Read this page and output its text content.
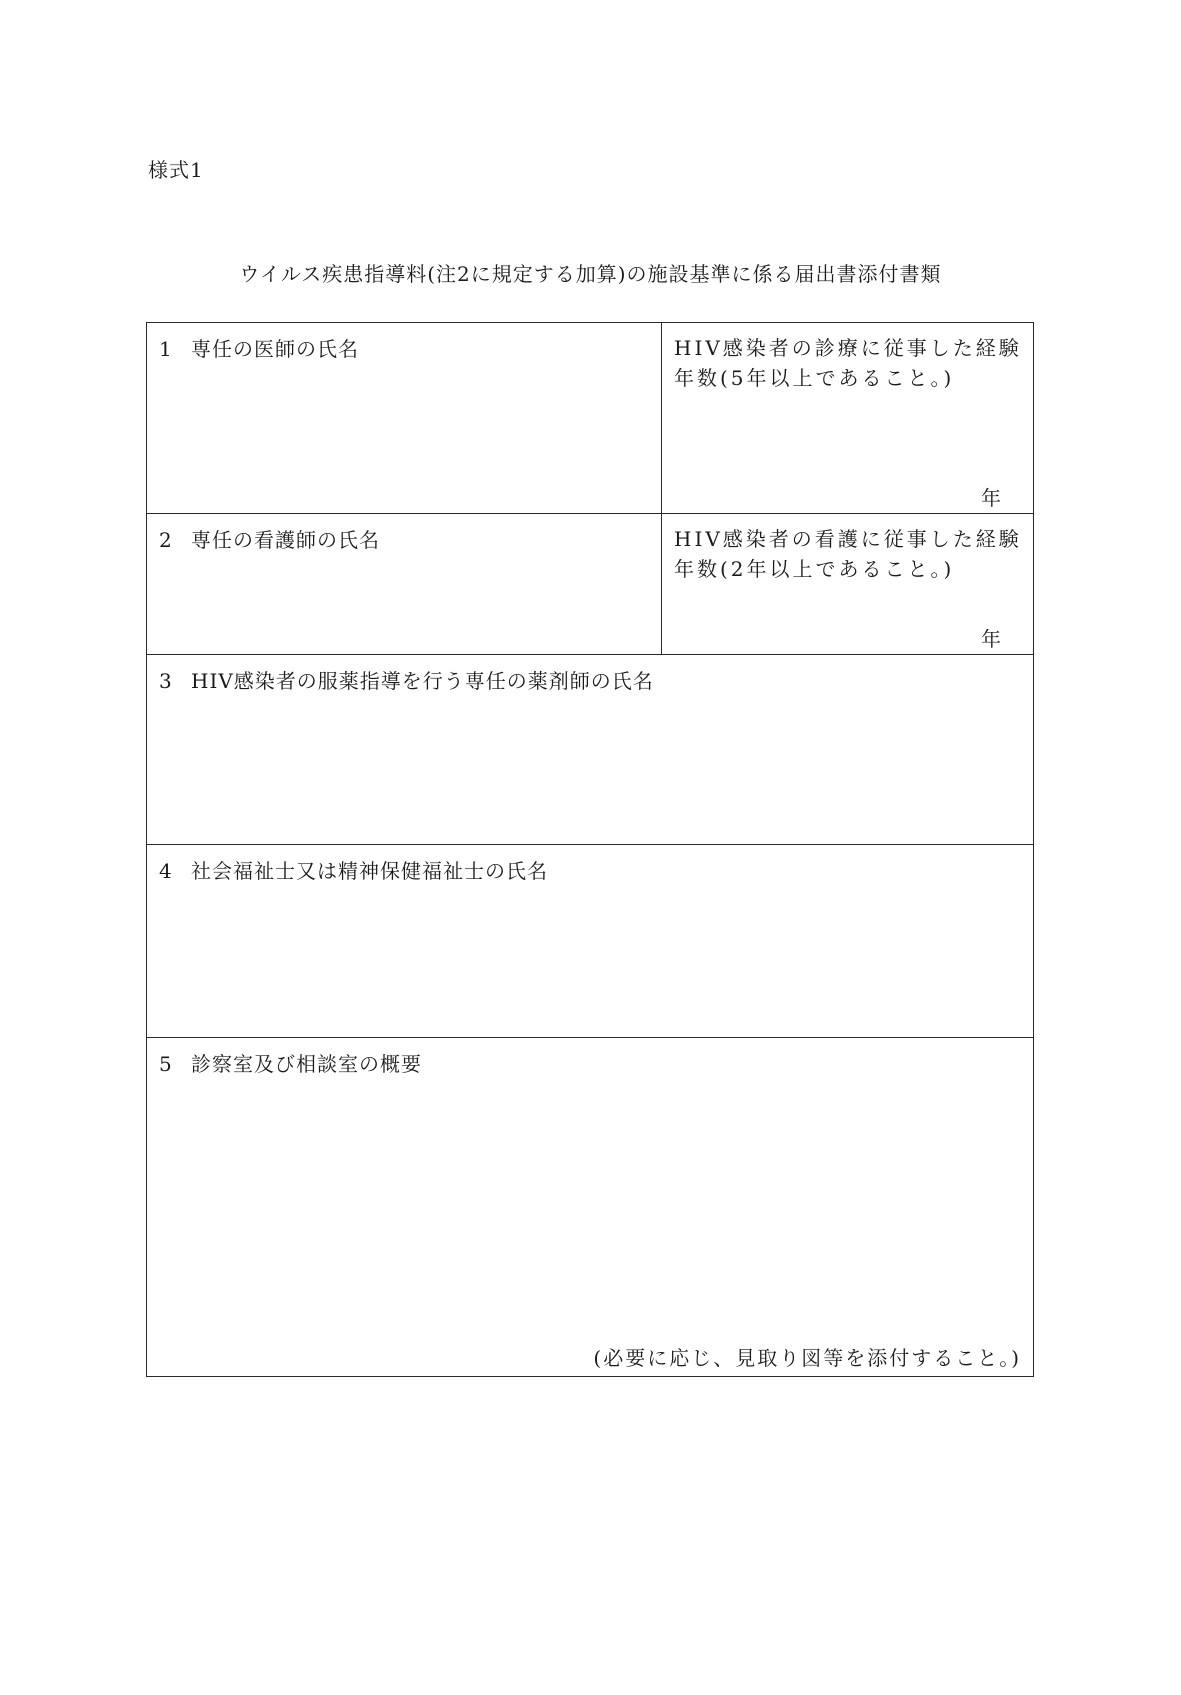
様式1
ウイルス疾患指導料(注2に規定する加算)の施設基準に係る届出書添付書類
1 専任の医師の氏名	HIV感染者の診療に従事した経験
年数(5年以上であること。)
年
2 専任の看護師の氏名	HIV感染者の看護に従事した経験
年数(2年以上であること。)
年
3 HIV感染者の服薬指導を行う専任の薬剤師の氏名
4 社会福祉士又は精神保健福祉士の氏名
5 診察室及び相談室の概要
(必要に応じ、見取り図等を添付すること。)
